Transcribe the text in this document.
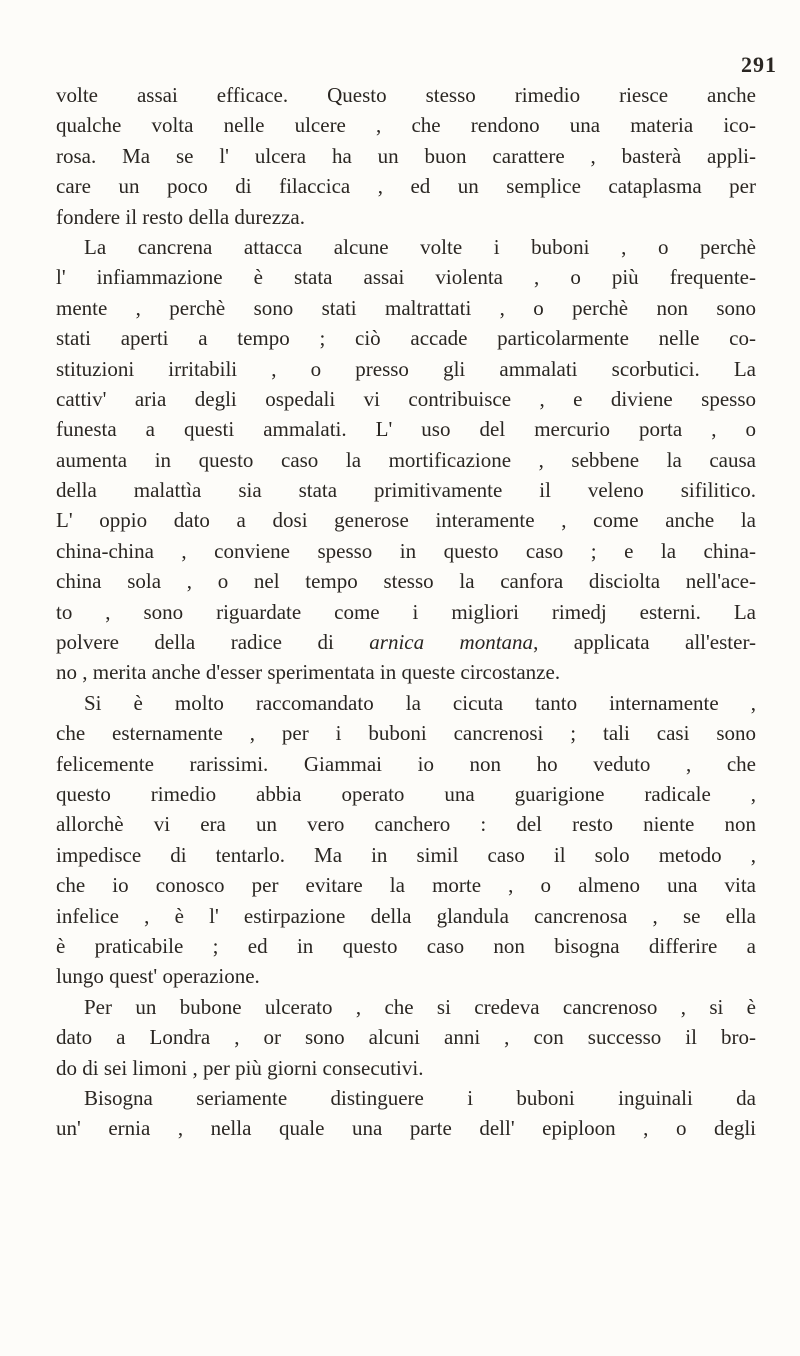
291
volte assai efficace. Questo stesso rimedio riesce anche
qualche volta nelle ulcere , che rendono una materia ico-
rosa. Ma se l' ulcera ha un buon carattere , basterà appli-
care un poco di filaccica , ed un semplice cataplasma per
fondere il resto della durezza.
La cancrena attacca alcune volte i buboni , o perchè
l' infiammazione è stata assai violenta , o più frequente-
mente , perchè sono stati maltrattati , o perchè non sono
stati aperti a tempo ; ciò accade particolarmente nelle co-
stituzioni irritabili , o presso gli ammalati scorbutici. La
cattiv' aria degli ospedali vi contribuisce , e diviene spesso
funesta a questi ammalati. L' uso del mercurio porta , o
aumenta in questo caso la mortificazione , sebbene la causa
della malattìa sia stata primitivamente il veleno sifilitico.
L' oppio dato a dosi generose interamente , come anche la
china-china , conviene spesso in questo caso ; e la china-
china sola , o nel tempo stesso la canfora disciolta nell'ace-
to , sono riguardate come i migliori rimedj esterni. La
polvere della radice di arnica montana, applicata all'ester-
no , merita anche d'esser sperimentata in queste circostanze.
Si è molto raccomandato la cicuta tanto internamente ,
che esternamente , per i buboni cancrenosi ; tali casi sono
felicemente rarissimi. Giammai io non ho veduto , che
questo rimedio abbia operato una guarigione radicale ,
allorchè vi era un vero canchero : del resto niente non
impedisce di tentarlo. Ma in simil caso il solo metodo ,
che io conosco per evitare la morte , o almeno una vita
infelice , è l' estirpazione della glandula cancrenosa , se ella
è praticabile ; ed in questo caso non bisogna differire a
lungo quest' operazione.
Per un bubone ulcerato , che si credeva cancrenoso , si è
dato a Londra , or sono alcuni anni , con successo il bro-
do di sei limoni , per più giorni consecutivi.
Bisogna seriamente distinguere i buboni inguinali da
un' ernia , nella quale una parte dell' epiploon , o degli
